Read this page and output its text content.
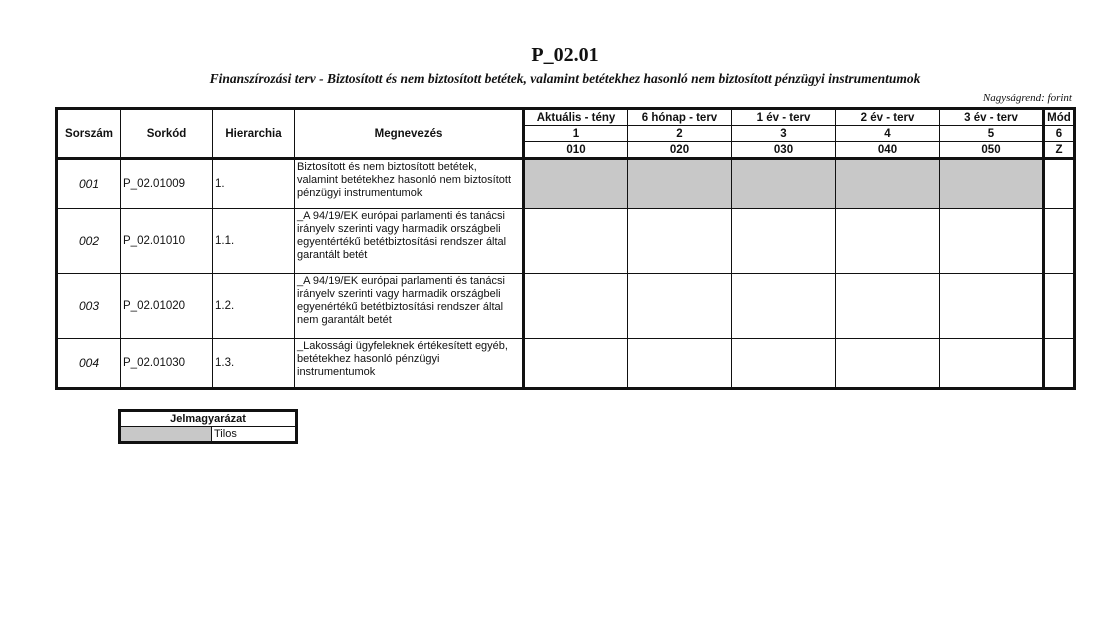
P_02.01
Finanszírozási terv - Biztosított és nem biztosított betétek, valamint betétekhez hasonló nem biztosított pénzügyi instrumentumok
Nagyságrend: forint
Sorszám	Sorkód	Hierarchia	Megnevezés	Aktuális - tény	6 hónap - terv	1 év - terv	2 év - terv	3 év - terv	Mód
				1	2	3	4	5	6
				010	020	030	040	050	Z
001	P_02.01009	1.	Biztosított és nem biztosított betétek, valamint betétekhez hasonló nem biztosított pénzügyi instrumentumok						
002	P_02.01010	1.1.	_A 94/19/EK európai parlamenti és tanácsi irányelv szerinti vagy harmadik országbeli egyentértékű betétbiztosítási rendszer által garantált betét						
003	P_02.01020	1.2.	_A 94/19/EK európai parlamenti és tanácsi irányelv szerinti vagy harmadik országbeli egyenértékű betétbiztosítási rendszer által nem garantált betét						
004	P_02.01030	1.3.	_Lakossági ügyfeleknek értékesített egyéb, betétekhez hasonló pénzügyi instrumentumok						
Jelmagyarázat
	Tilos
